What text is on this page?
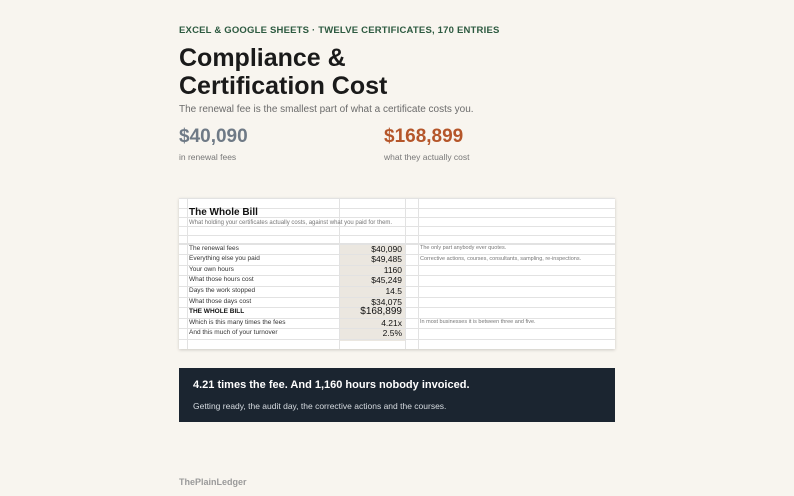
EXCEL & GOOGLE SHEETS · TWELVE CERTIFICATES, 170 ENTRIES
Compliance & Certification Cost
The renewal fee is the smallest part of what a certificate costs you.
$40,090
in renewal fees
$168,899
what they actually cost
The Whole Bill
What holding your certificates actually costs, against what you paid for them.
The renewal fees	$40,090	The only part anybody ever quotes.
Everything else you paid	$49,485	Corrective actions, courses, consultants, sampling, re-inspections.
Your own hours	1160
What those hours cost	$45,249
Days the work stopped	14.5
What those days cost	$34,075
THE WHOLE BILL	$168,899
Which is this many times the fees	4.21x	In most businesses it is between three and five.
And this much of your turnover	2.5%
4.21 times the fee. And 1,160 hours nobody invoiced.
Getting ready, the audit day, the corrective actions and the courses.
ThePlainLedger
